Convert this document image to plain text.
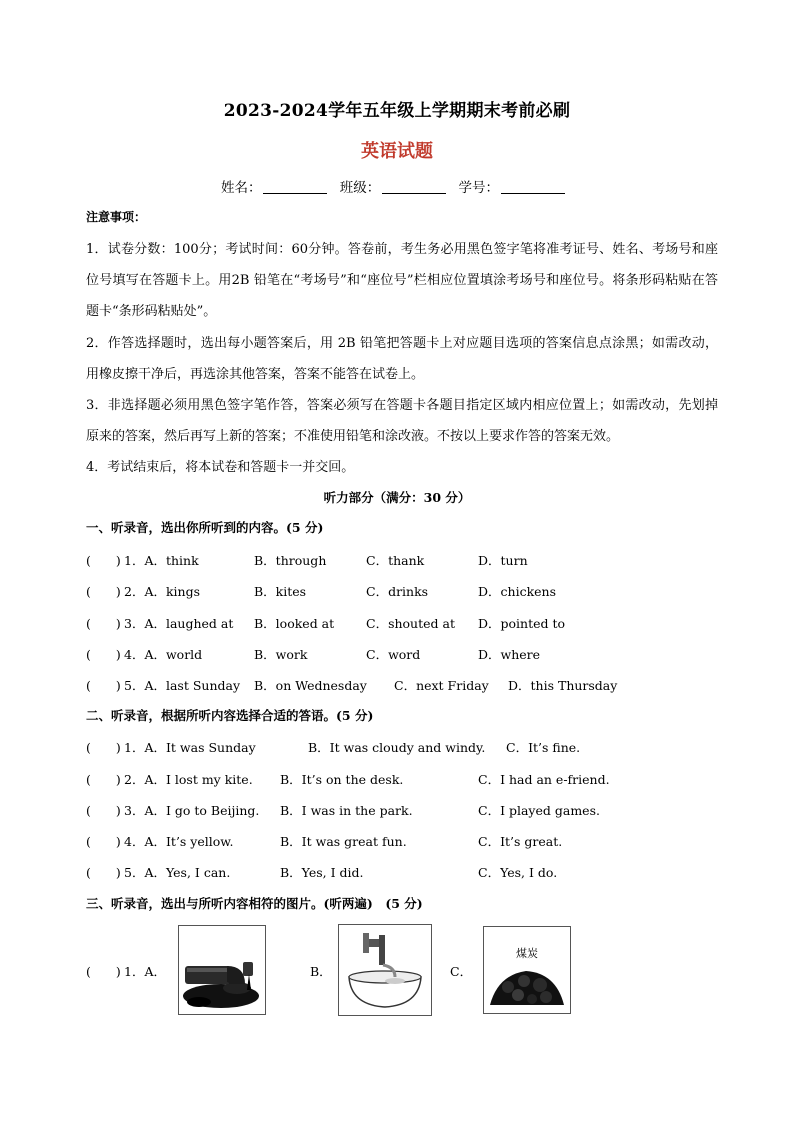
2023-2024学年五年级上学期期末考前必刷
英语试题
姓名：	班级：	学号：
注意事项：
1．试卷分数：100分；考试时间：60分钟。答卷前，考生务必用黑色签字笔将准考证号、姓名、考场号和座位号填写在答题卡上。用2B 铅笔在“考场号”和“座位号”栏相应位置填涂考场号和座位号。将条形码粘贴在答题卡“条形码粘贴处”。
2．作答选择题时，选出每小题答案后，用 2B 铅笔把答题卡上对应题目选项的答案信息点涂黑；如需改动，用橡皮擦干净后，再选涂其他答案，答案不能答在试卷上。
3．非选择题必须用黑色签字笔作答，答案必须写在答题卡各题目指定区域内相应位置上；如需改动，先划掉原来的答案，然后再写上新的答案；不准使用铅笔和涂改液。不按以上要求作答的答案无效。
4．考试结束后，将本试卷和答题卡一并交回。
听力部分（满分：30 分）
一、听录音，选出你所听到的内容。(5 分)
(　　) 1．A．think	B．through	C．thank	D．turn
(　　) 2．A．kings	B．kites	C．drinks	D．chickens
(　　) 3．A．laughed at B．looked at	C．shouted at D．pointed to
(　　) 4．A．world	B．work	C．word	D．where
(　　) 5．A．last Sunday B．on Wednesday C．next Friday D．this Thursday
二、听录音，根据所听内容选择合适的答语。(5 分)
(　　) 1．A．It was Sunday	B．It was cloudy and windy. C．It’s fine.
(　　) 2．A．I lost my kite. B．It’s on the desk.	C．I had an e-friend.
(　　) 3．A．I go to Beijing. B．I was in the park.	C．I played games.
(　　) 4．A．It’s yellow.	B．It was great fun.	C．It’s great.
(　　) 5．A．Yes, I can.	B．Yes, I did.	C．Yes, I do.
三、听录音，选出与所听内容相符的图片。(听两遍)　(5 分)
(　　) 1．A．	B．	C．
煤炭
